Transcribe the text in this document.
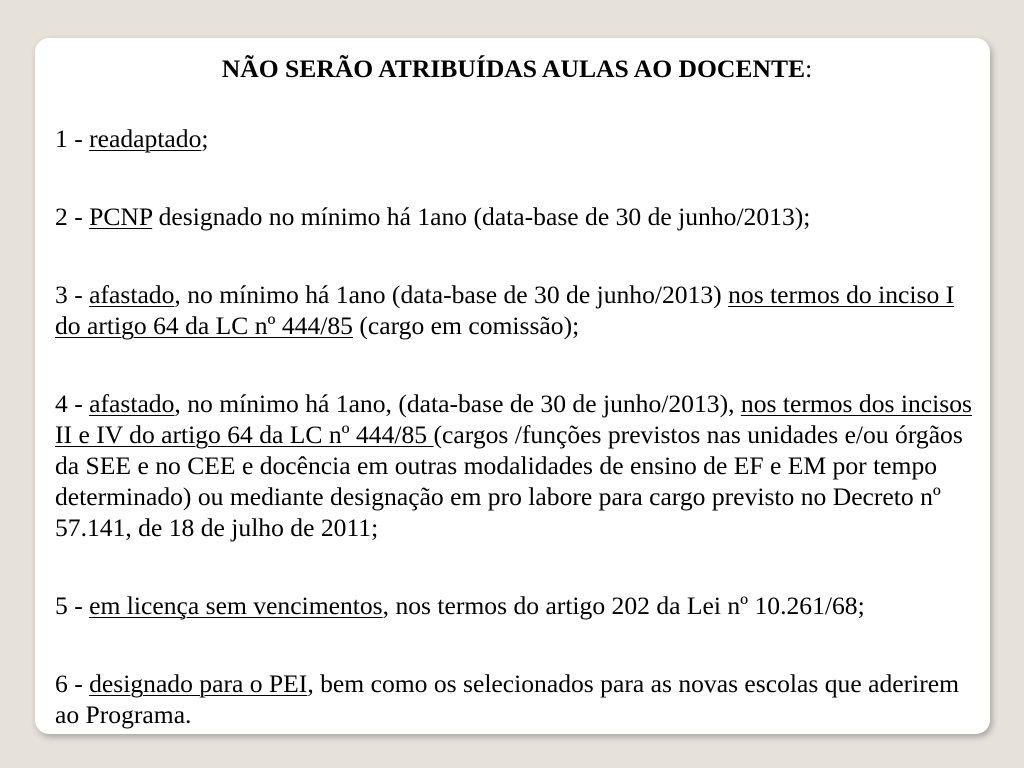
NÃO SERÃO ATRIBUÍDAS AULAS AO DOCENTE:

1 - readaptado;

2 - PCNP designado no mínimo há 1ano (data-base de 30 de junho/2013);

3 - afastado, no mínimo há 1ano (data-base de 30 de junho/2013) nos termos do inciso I do artigo 64 da LC nº 444/85 (cargo em comissão);

4 - afastado, no mínimo há 1ano, (data-base de 30 de junho/2013), nos termos dos incisos II e IV do artigo 64 da LC nº 444/85 (cargos /funções previstos nas unidades e/ou órgãos da SEE e no CEE e docência em outras modalidades de ensino de EF e EM por tempo determinado) ou mediante designação em pro labore para cargo previsto no Decreto nº 57.141, de 18 de julho de 2011;

5 - em licença sem vencimentos, nos termos do artigo 202 da Lei nº 10.261/68;

6 - designado para o PEI, bem como os selecionados para as novas escolas que aderirem ao Programa.
